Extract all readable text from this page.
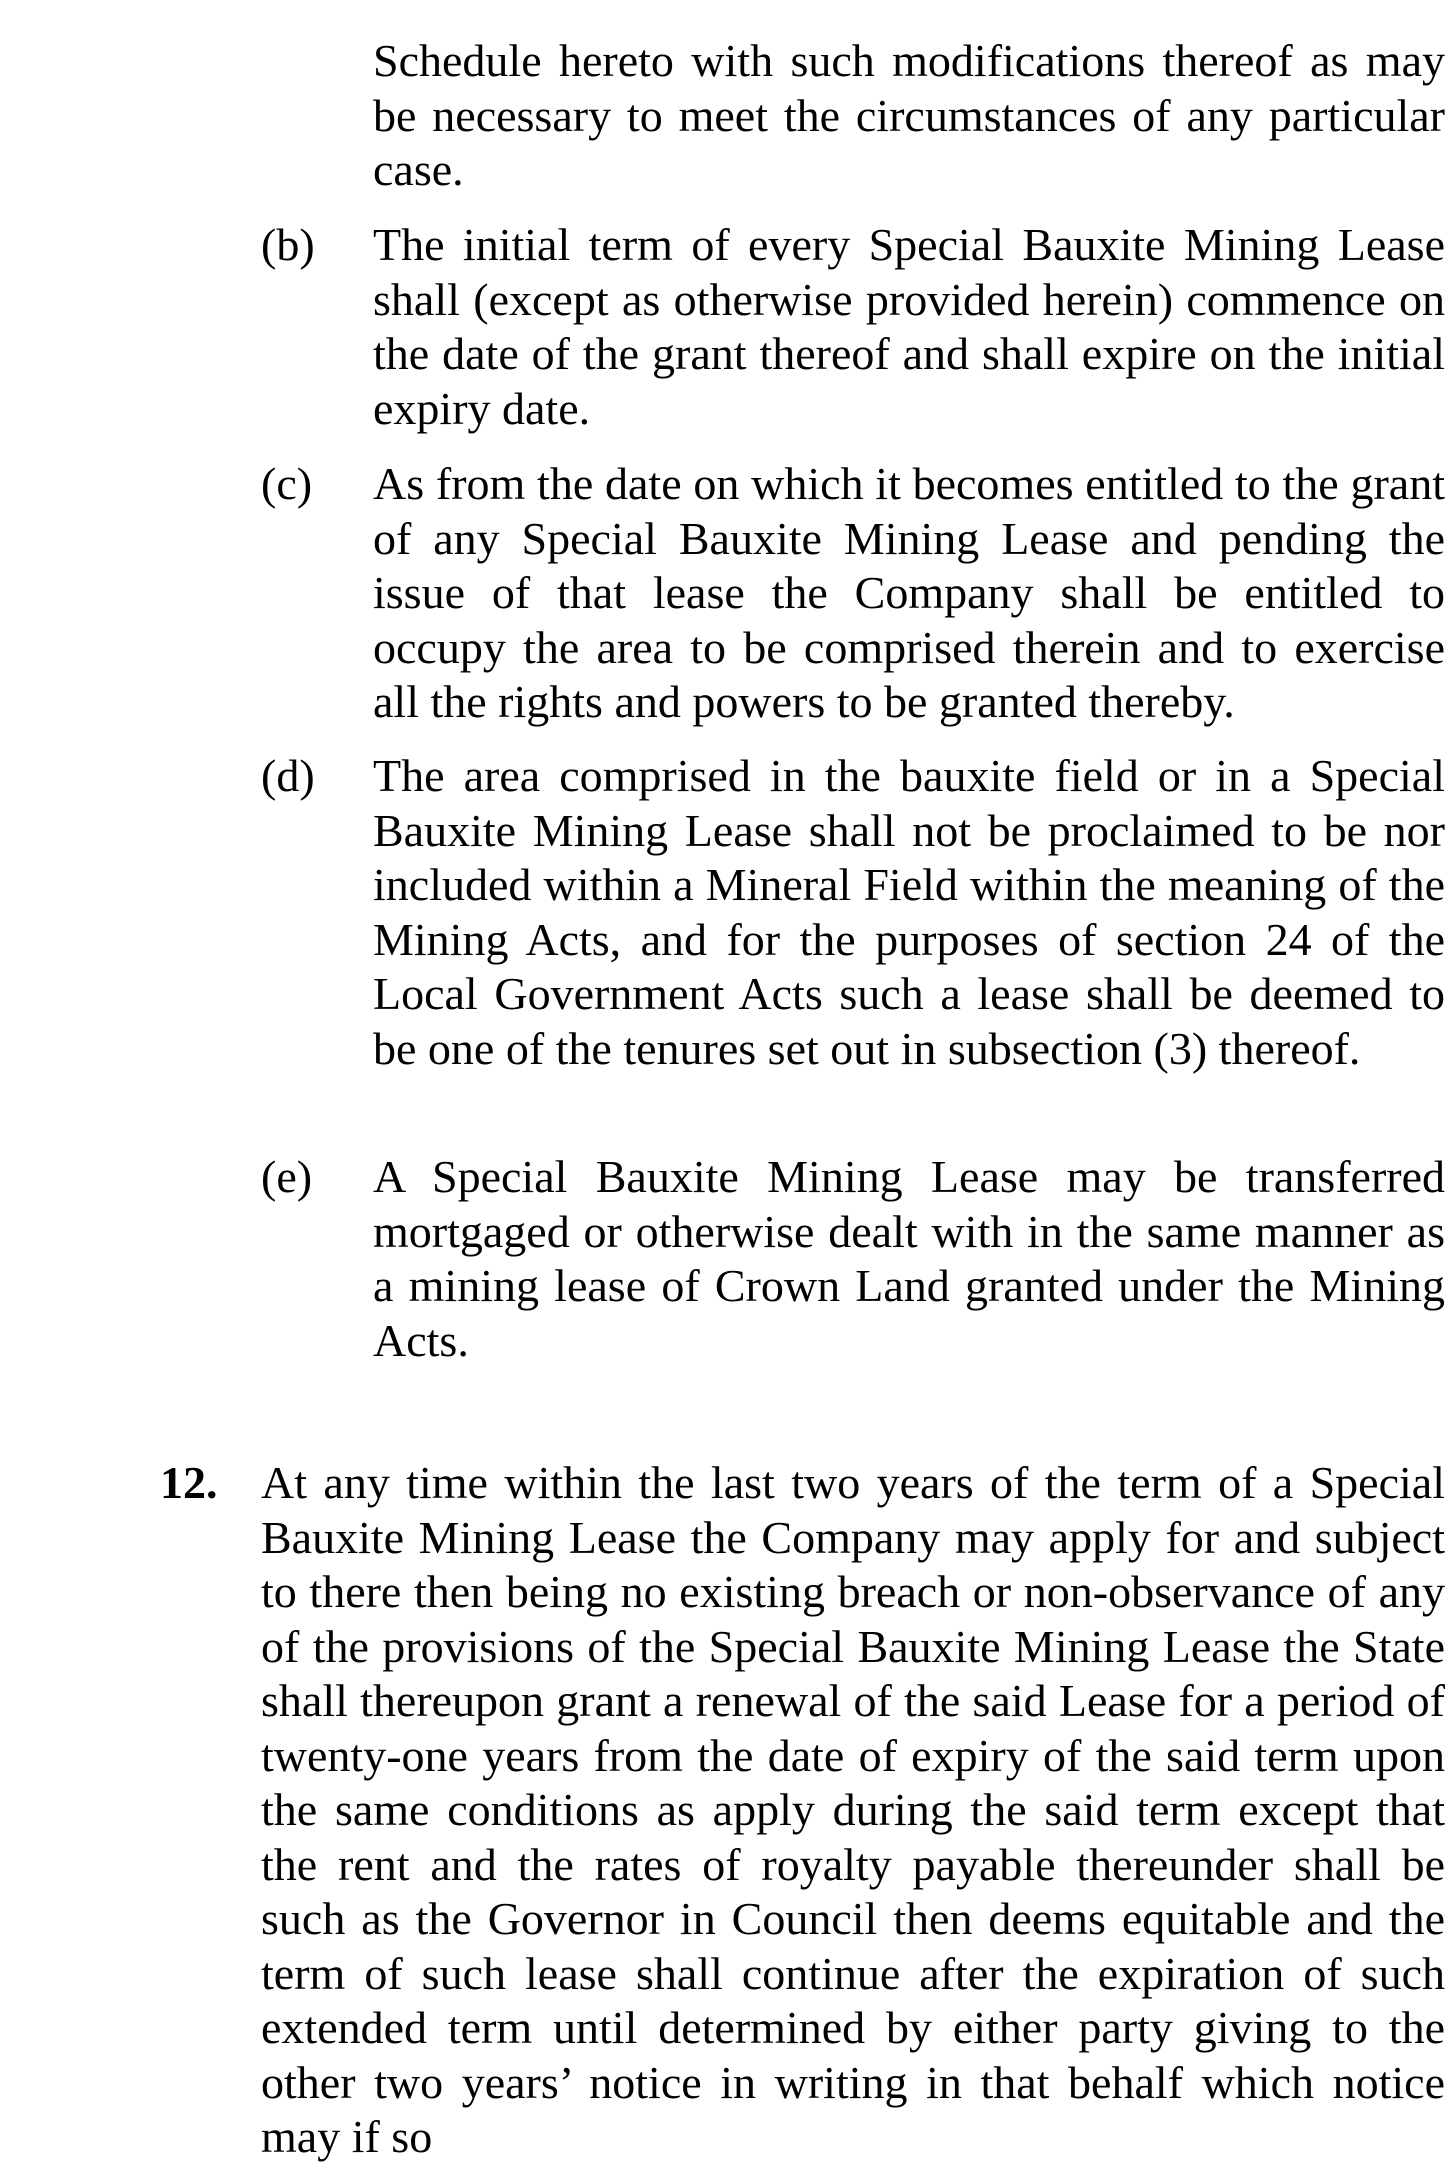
Schedule hereto with such modifications thereof as may be necessary to meet the circumstances of any particular case.

(b) The initial term of every Special Bauxite Mining Lease shall (except as otherwise provided herein) commence on the date of the grant thereof and shall expire on the initial expiry date.

(c) As from the date on which it becomes entitled to the grant of any Special Bauxite Mining Lease and pending the issue of that lease the Company shall be entitled to occupy the area to be comprised therein and to exercise all the rights and powers to be granted thereby.

(d) The area comprised in the bauxite field or in a Special Bauxite Mining Lease shall not be proclaimed to be nor included within a Mineral Field within the meaning of the Mining Acts, and for the purposes of section 24 of the Local Government Acts such a lease shall be deemed to be one of the tenures set out in subsection (3) thereof.

(e) A Special Bauxite Mining Lease may be transferred mortgaged or otherwise dealt with in the same manner as a mining lease of Crown Land granted under the Mining Acts.

12. At any time within the last two years of the term of a Special Bauxite Mining Lease the Company may apply for and subject to there then being no existing breach or non-observance of any of the provisions of the Special Bauxite Mining Lease the State shall thereupon grant a renewal of the said Lease for a period of twenty-one years from the date of expiry of the said term upon the same conditions as apply during the said term except that the rent and the rates of royalty payable thereunder shall be such as the Governor in Council then deems equitable and the term of such lease shall continue after the expiration of such extended term until determined by either party giving to the other two years’ notice in writing in that behalf which notice may if so
